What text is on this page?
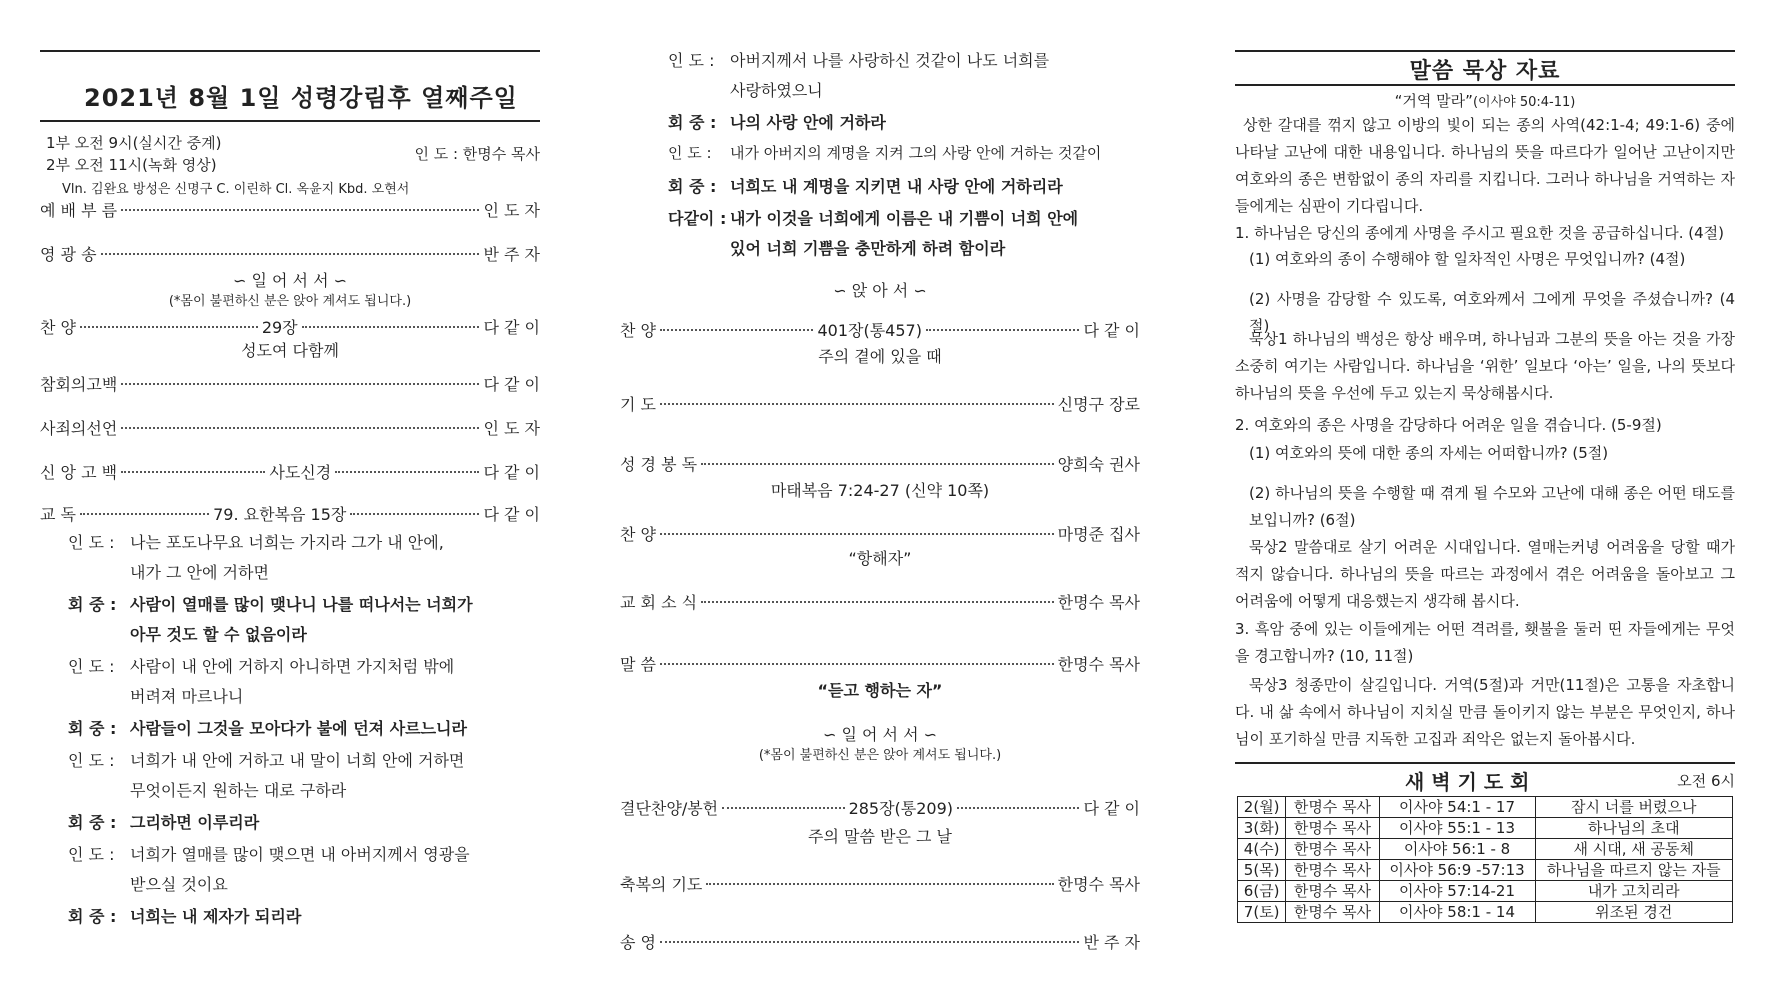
2021년 8월 1일 성령강림후 열째주일
1부 오전 9시(실시간 중계)
2부 오전 11시(녹화 영상)
인 도 : 한명수 목사
Vln. 김완요 방성은 신명구 C. 이린하 Cl. 옥윤지 Kbd. 오현서
예 배 부 름	인 도 자
영 광 송	반 주 자
∽ 일 어 서 서 ∽
(*몸이 불편하신 분은 앉아 계셔도 됩니다.)
찬 양	29장	다 같 이
성도여 다함께
참회의고백	다 같 이
사죄의선언	인 도 자
신 앙 고 백	사도신경	다 같 이
교 독	79. 요한복음 15장	다 같 이
인 도 : 나는 포도나무요 너희는 가지라 그가 내 안에,
내가 그 안에 거하면
회 중 : 사람이 열매를 많이 맺나니 나를 떠나서는 너희가
아무 것도 할 수 없음이라
인 도 : 사람이 내 안에 거하지 아니하면 가지처럼 밖에
버려져 마르나니
회 중 : 사람들이 그것을 모아다가 불에 던져 사르느니라
인 도 : 너희가 내 안에 거하고 내 말이 너희 안에 거하면
무엇이든지 원하는 대로 구하라
회 중 : 그리하면 이루리라
인 도 : 너희가 열매를 많이 맺으면 내 아버지께서 영광을
받으실 것이요
회 중 : 너희는 내 제자가 되리라
인 도 : 아버지께서 나를 사랑하신 것같이 나도 너희를
사랑하였으니
회 중 : 나의 사랑 안에 거하라
인 도 : 내가 아버지의 계명을 지켜 그의 사랑 안에 거하는 것같이
회 중 : 너희도 내 계명을 지키면 내 사랑 안에 거하리라
다같이 : 내가 이것을 너희에게 이름은 내 기쁨이 너희 안에
있어 너희 기쁨을 충만하게 하려 함이라
∽ 앉 아 서 ∽
찬 양	401장(통457)	다 같 이
주의 곁에 있을 때
기 도	신명구 장로
성 경 봉 독	양희숙 권사
마태복음 7:24-27 (신약 10쪽)
찬 양	마명준 집사
“항해자”
교 회 소 식	한명수 목사
말 씀	한명수 목사
“듣고 행하는 자”
∽ 일 어 서 서 ∽
(*몸이 불편하신 분은 앉아 계셔도 됩니다.)
결단찬양/봉헌	285장(통209)	다 같 이
주의 말씀 받은 그 날
축복의 기도	한명수 목사
송 영	반 주 자
말씀 묵상 자료
“거역 말라”(이사야 50:4-11)

상한 갈대를 꺾지 않고 이방의 빛이 되는 종의 사역(42:1-4; 49:1-6) 중에 나타날 고난에 대한 내용입니다. 하나님의 뜻을 따르다가 일어난 고난이지만 여호와의 종은 변함없이 종의 자리를 지킵니다. 그러나 하나님을 거역하는 자들에게는 심판이 기다립니다.

1. 하나님은 당신의 종에게 사명을 주시고 필요한 것을 공급하십니다. (4절)

(1) 여호와의 종이 수행해야 할 일차적인 사명은 무엇입니까? (4절)

(2) 사명을 감당할 수 있도록, 여호와께서 그에게 무엇을 주셨습니까? (4절)

묵상1 하나님의 백성은 항상 배우며, 하나님과 그분의 뜻을 아는 것을 가장 소중히 여기는 사람입니다. 하나님을 ‘위한’ 일보다 ‘아는’ 일을, 나의 뜻보다 하나님의 뜻을 우선에 두고 있는지 묵상해봅시다.

2. 여호와의 종은 사명을 감당하다 어려운 일을 겪습니다. (5-9절)

(1) 여호와의 뜻에 대한 종의 자세는 어떠합니까? (5절)

(2) 하나님의 뜻을 수행할 때 겪게 될 수모와 고난에 대해 종은 어떤 태도를 보입니까? (6절)

묵상2 말씀대로 살기 어려운 시대입니다. 열매는커녕 어려움을 당할 때가 적지 않습니다. 하나님의 뜻을 따르는 과정에서 겪은 어려움을 돌아보고 그 어려움에 어떻게 대응했는지 생각해 봅시다.

3. 흑암 중에 있는 이들에게는 어떤 격려를, 횃불을 둘러 띤 자들에게는 무엇을 경고합니까? (10, 11절)

묵상3 청종만이 살길입니다. 거역(5절)과 거만(11절)은 고통을 자초합니다. 내 삶 속에서 하나님이 지치실 만큼 돌이키지 않는 부분은 무엇인지, 하나님이 포기하실 만큼 지독한 고집과 죄악은 없는지 돌아봅시다.

새 벽 기 도 회	오전 6시
2(월)	한명수 목사	이사야 54:1 - 17	잠시 너를 버렸으나
3(화)	한명수 목사	이사야 55:1 - 13	하나님의 초대
4(수)	한명수 목사	이사야 56:1 - 8	새 시대, 새 공동체
5(목)	한명수 목사	이사야 56:9 -57:13	하나님을 따르지 않는 자들
6(금)	한명수 목사	이사야 57:14-21	내가 고치리라
7(토)	한명수 목사	이사야 58:1 - 14	위조된 경건
